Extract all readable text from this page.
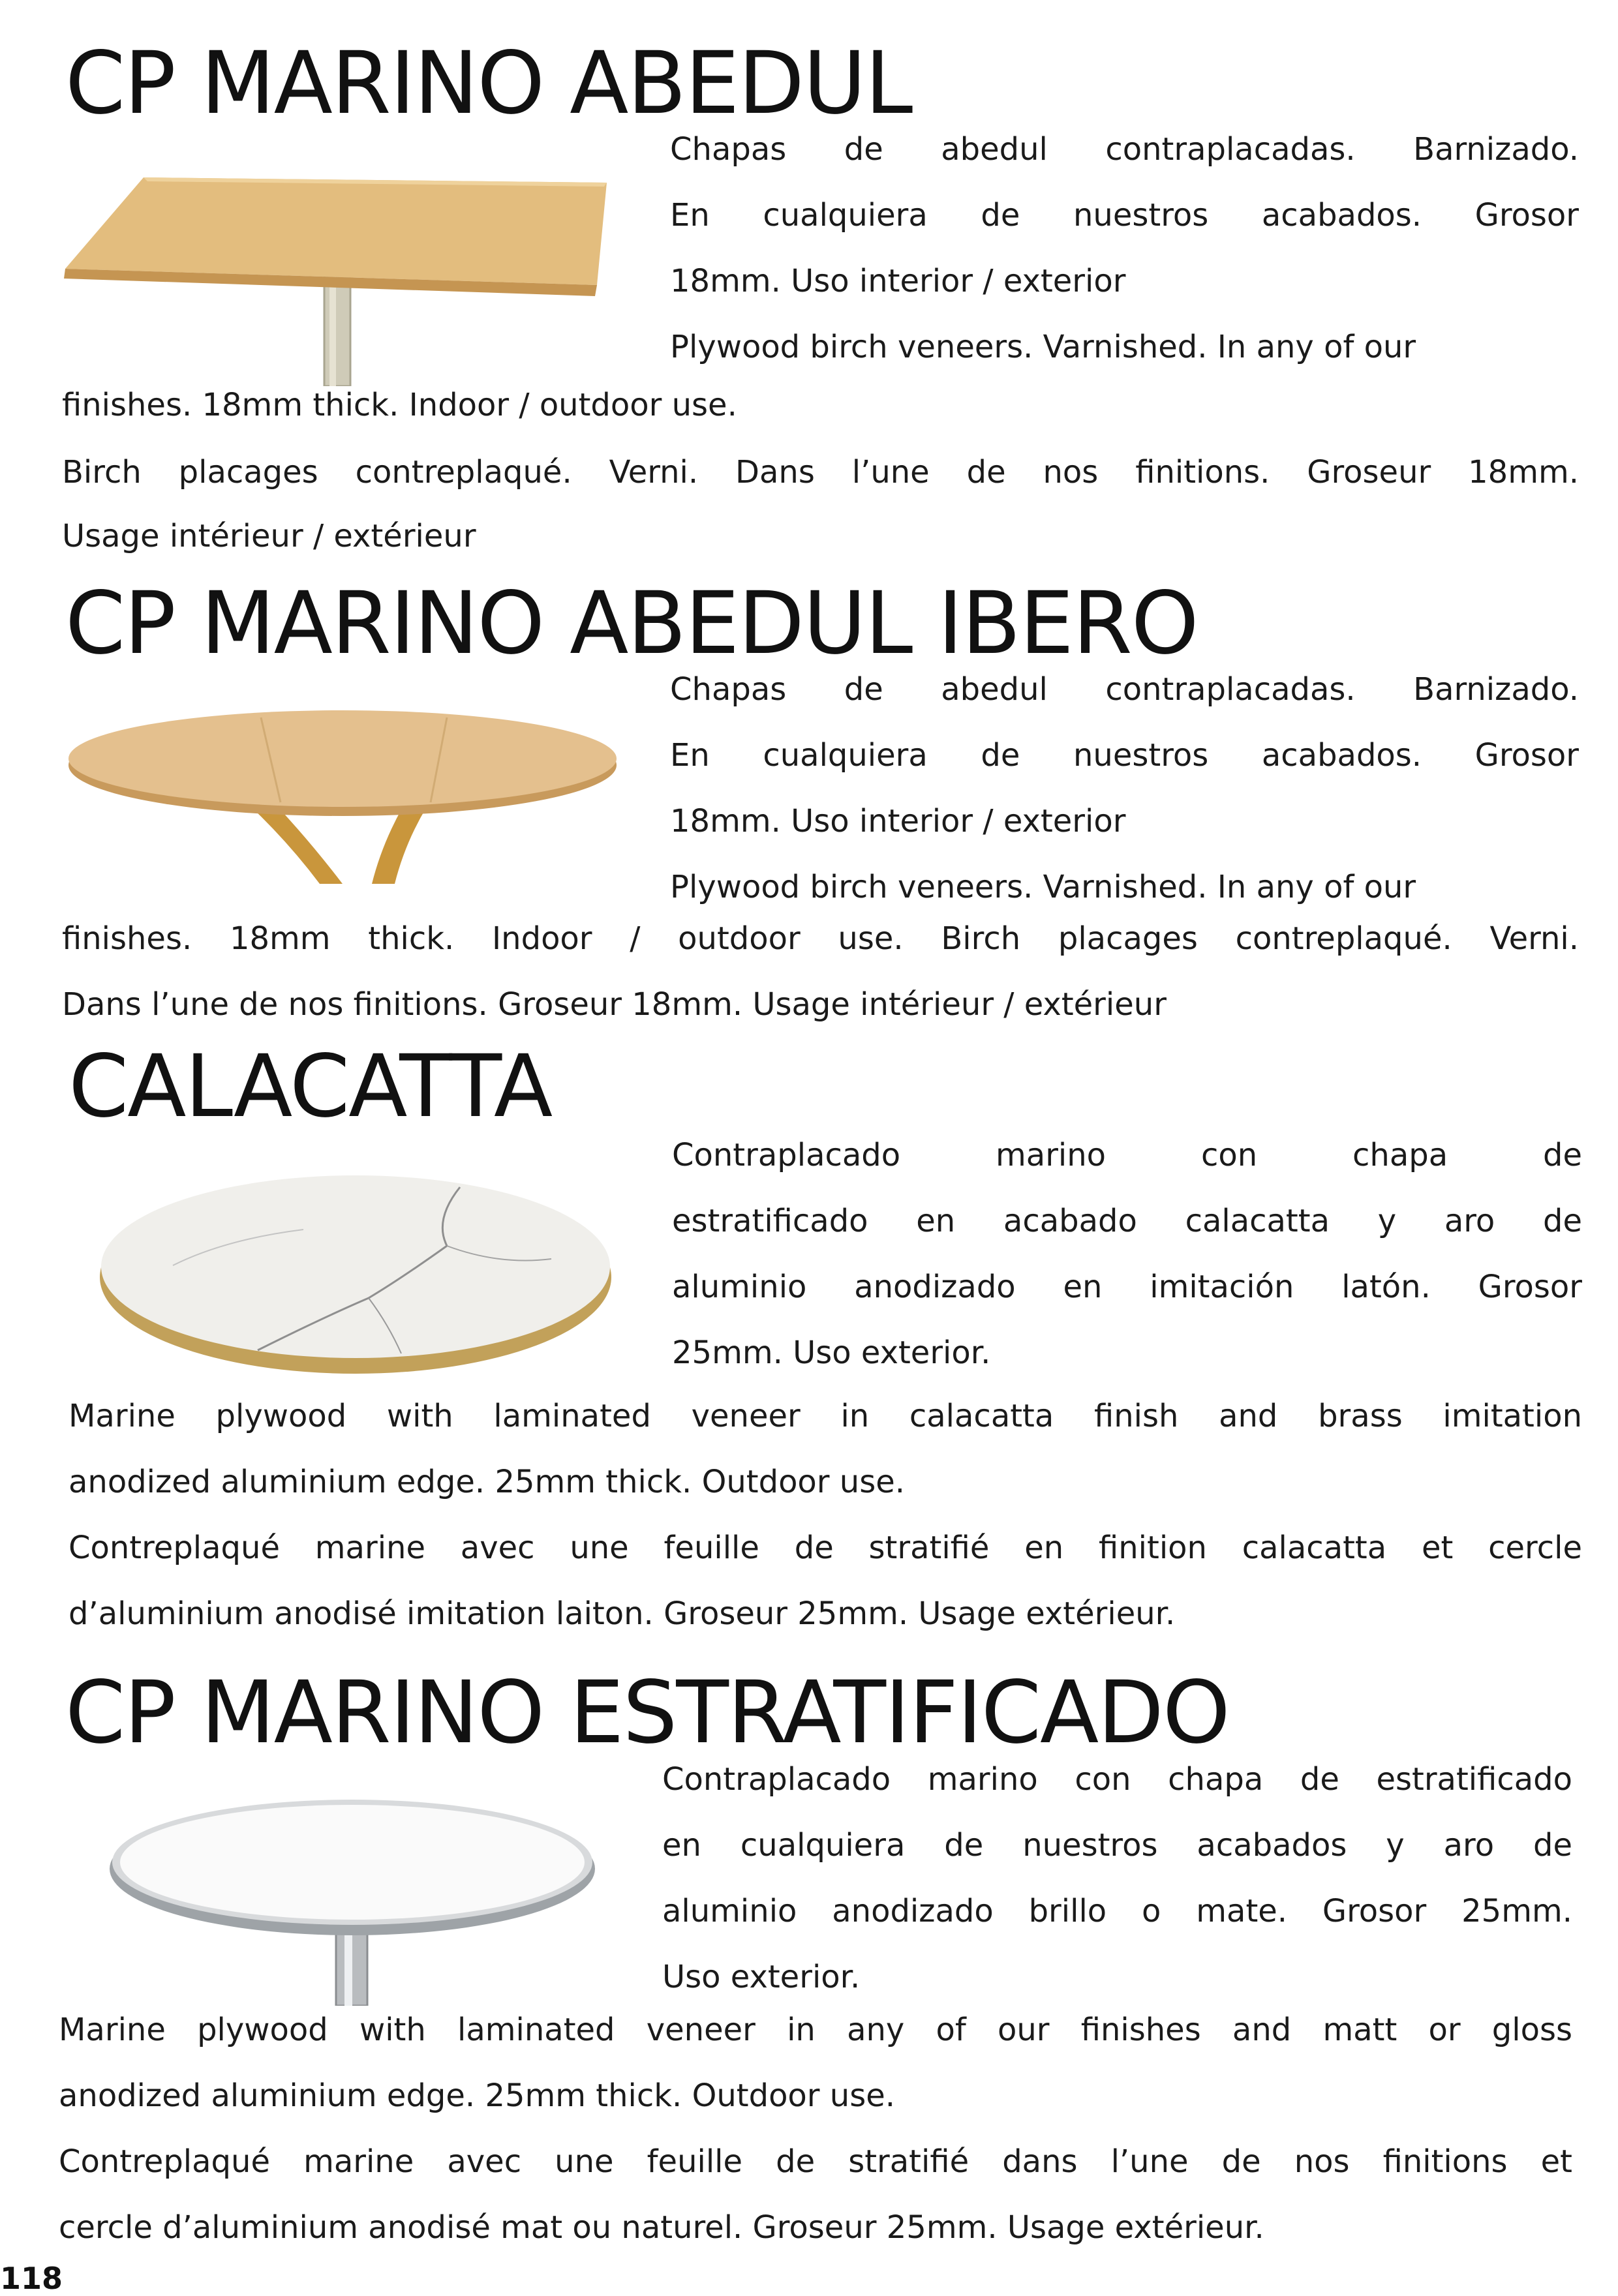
CP MARINO ABEDUL

Chapas de abedul contraplacadas. Barnizado.

En cualquiera de nuestros acabados. Grosor

18mm. Uso interior / exterior

Plywood birch veneers. Varnished. In any of our

finishes. 18mm thick. Indoor / outdoor use.

Birch placages contreplaqué. Verni. Dans l’une de nos finitions. Groseur 18mm.

Usage intérieur / extérieur

CP MARINO ABEDUL IBERO

Chapas de abedul contraplacadas. Barnizado.

En cualquiera de nuestros acabados. Grosor

18mm. Uso interior / exterior

Plywood birch veneers. Varnished. In any of our

finishes. 18mm thick. Indoor / outdoor use. Birch placages contreplaqué. Verni.

Dans l’une de nos finitions. Groseur 18mm. Usage intérieur / extérieur

CALACATTA

Contraplacado marino con chapa de

estratificado en acabado calacatta y aro de

aluminio anodizado en imitación latón. Grosor

25mm. Uso exterior.

Marine plywood with laminated veneer in calacatta finish and brass imitation

anodized aluminium edge. 25mm thick. Outdoor use.

Contreplaqué marine avec une feuille de stratifié en finition calacatta et cercle

d’aluminium anodisé imitation laiton. Groseur 25mm. Usage extérieur.

CP MARINO ESTRATIFICADO

Contraplacado marino con chapa de estratificado

en cualquiera de nuestros acabados y aro de

aluminio anodizado brillo o mate. Grosor 25mm.

Uso exterior.

Marine plywood with laminated veneer in any of our finishes and matt or gloss

anodized aluminium edge. 25mm thick. Outdoor use.

Contreplaqué marine avec une feuille de stratifié dans l’une de nos finitions et

cercle d’aluminium anodisé mat ou naturel. Groseur 25mm. Usage extérieur.

118
